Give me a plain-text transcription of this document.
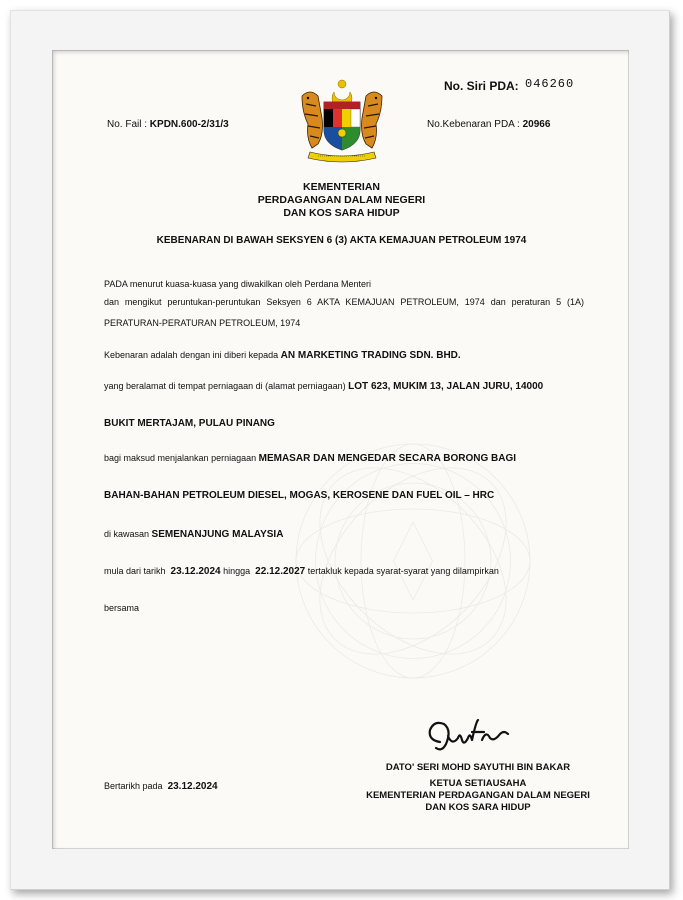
No. Siri PDA: 046260
No. Fail : KPDN.600-2/31/3	No.Kebenaran PDA : 20966
KEMENTERIAN
PERDAGANGAN DALAM NEGERI
DAN KOS SARA HIDUP
KEBENARAN DI BAWAH SEKSYEN 6 (3) AKTA KEMAJUAN PETROLEUM 1974
PADA menurut kuasa-kuasa yang diwakilkan oleh Perdana Menteri
dan mengikut peruntukan-peruntukan Seksyen 6 AKTA KEMAJUAN PETROLEUM, 1974 dan peraturan 5 (1A)
PERATURAN-PERATURAN PETROLEUM, 1974
Kebenaran adalah dengan ini diberi kepada AN MARKETING TRADING SDN. BHD.
yang beralamat di tempat perniagaan di (alamat perniagaan) LOT 623, MUKIM 13, JALAN JURU, 14000
BUKIT MERTAJAM, PULAU PINANG
bagi maksud menjalankan perniagaan MEMASAR DAN MENGEDAR SECARA BORONG BAGI
BAHAN-BAHAN PETROLEUM DIESEL, MOGAS, KEROSENE DAN FUEL OIL – HRC
di kawasan SEMENANJUNG MALAYSIA
mula dari tarikh 23.12.2024 hingga 22.12.2027 tertakluk kepada syarat-syarat yang dilampirkan
bersama
Bertarikh pada 23.12.2024
DATO' SERI MOHD SAYUTHI BIN BAKAR
KETUA SETIAUSAHA
KEMENTERIAN PERDAGANGAN DALAM NEGERI
DAN KOS SARA HIDUP
